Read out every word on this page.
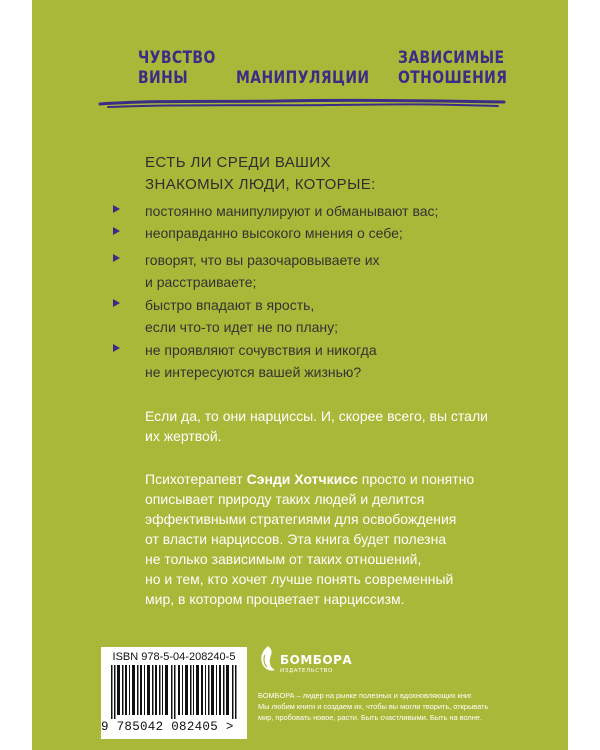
ЧУВСТВО
ВИНЫ	МАНИПУЛЯЦИИ
ЗАВИСИМЫЕ
ОТНОШЕНИЯ
ЕСТЬ ЛИ СРЕДИ ВАШИХ
ЗНАКОМЫХ ЛЮДИ, КОТОРЫЕ:
постоянно манипулируют и обманывают вас;
неоправданно высокого мнения о себе;
говорят, что вы разочаровываете их
и расстраиваете;
быстро впадают в ярость,
если что-то идет не по плану;
не проявляют сочувствия и никогда
не интересуются вашей жизнью?
Если да, то они нарциссы. И, скорее всего, вы стали
их жертвой.
Психотерапевт Сэнди Хотчкисс просто и понятно
описывает природу таких людей и делится
эффективными стратегиями для освобождения
от власти нарциссов. Эта книга будет полезна
не только зависимым от таких отношений,
но и тем, кто хочет лучше понять современный
мир, в котором процветает нарциссизм.
ISBN 978-5-04-208240-5
9 785042 082405 >
БОМБОРА
ИЗДАТЕЛЬСТВО
БОМБОРА – лидер на рынке полезных и вдохновляющих книг.
Мы любим книги и создаем их, чтобы вы могли творить, открывать
мир, пробовать новое, расти. Быть счастливыми. Быть на волне.
